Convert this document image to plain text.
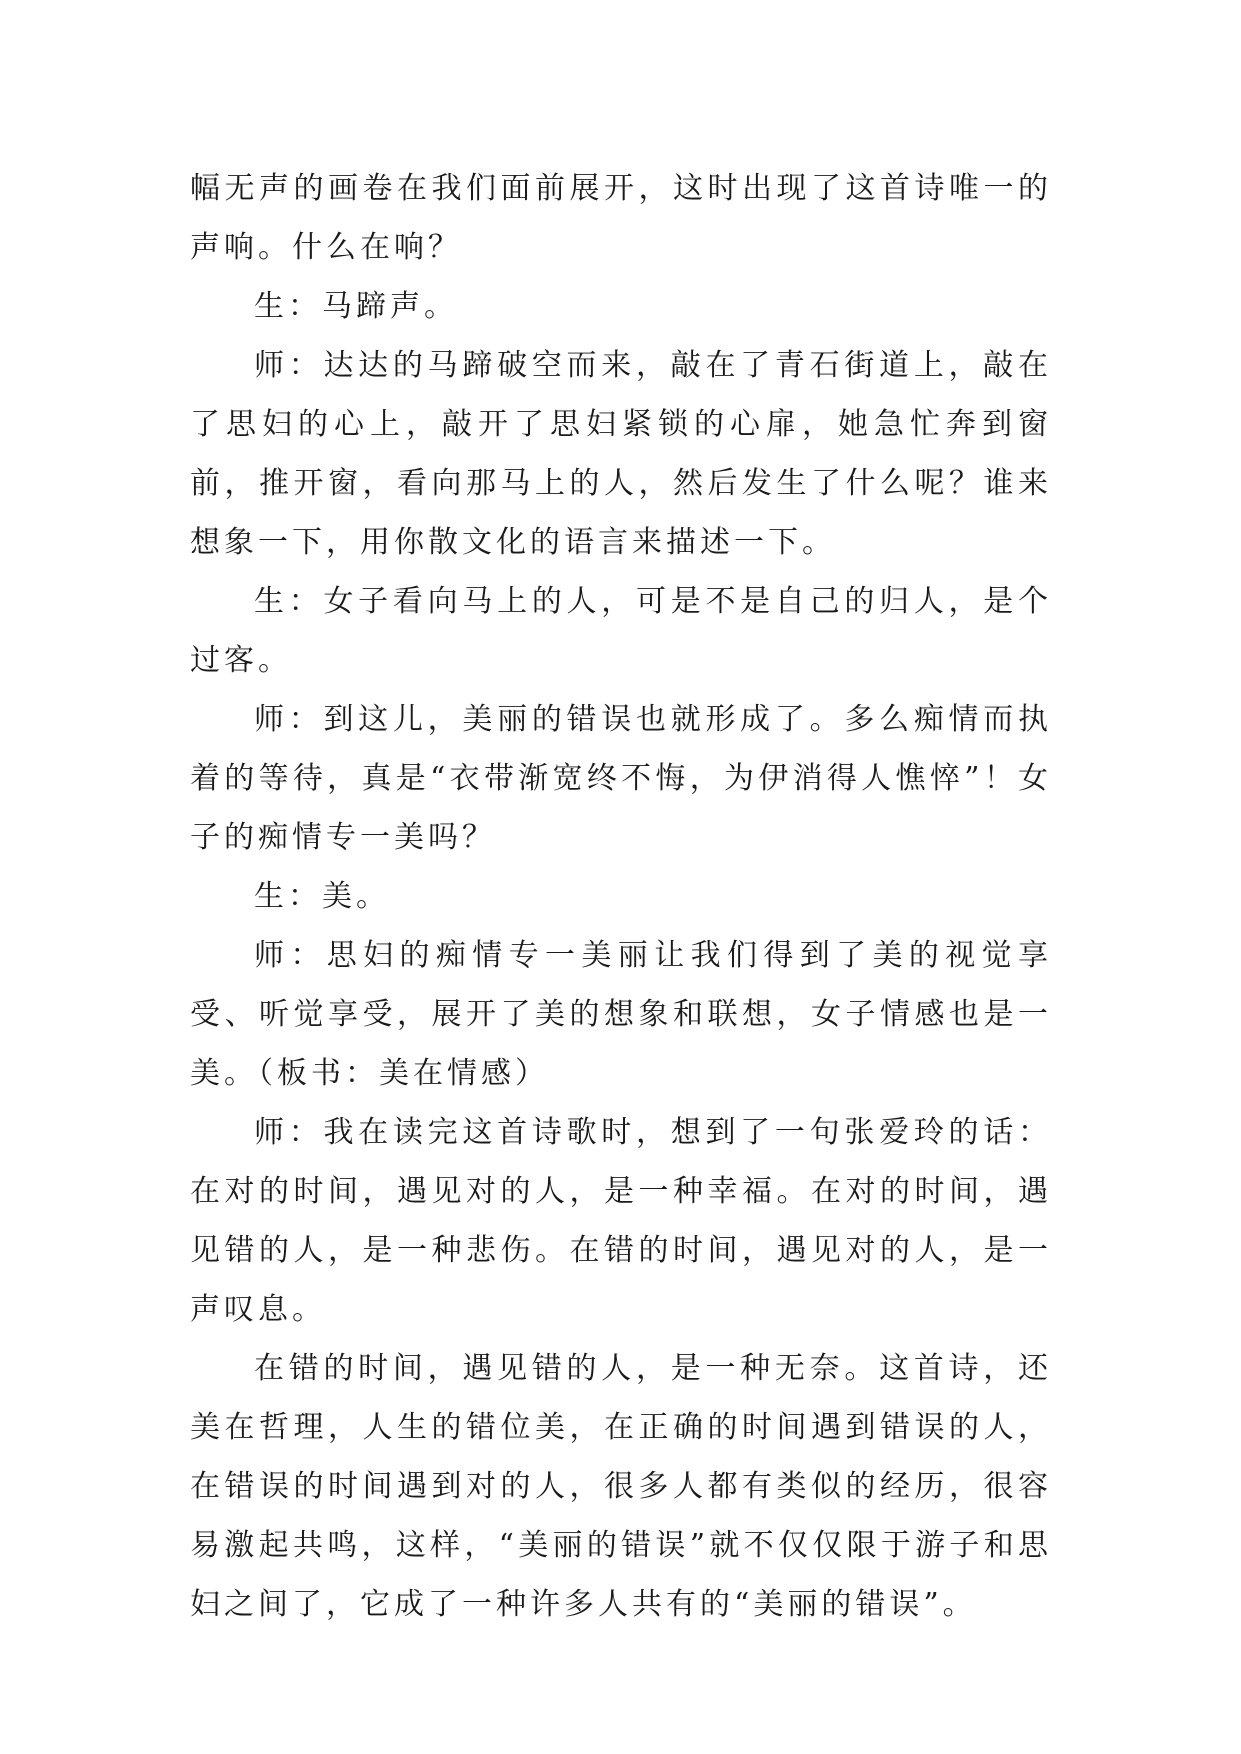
幅无声的画卷在我们面前展开，这时出现了这首诗唯一的声响。什么在响？

生：马蹄声。

师：达达的马蹄破空而来，敲在了青石街道上，敲在了思妇的心上，敲开了思妇紧锁的心扉，她急忙奔到窗前，推开窗，看向那马上的人，然后发生了什么呢？谁来想象一下，用你散文化的语言来描述一下。

生：女子看向马上的人，可是不是自己的归人，是个过客。

师：到这儿，美丽的错误也就形成了。多么痴情而执着的等待，真是“衣带渐宽终不悔，为伊消得人憔悴”！女子的痴情专一美吗？

生：美。

师：思妇的痴情专一美丽让我们得到了美的视觉享受、听觉享受，展开了美的想象和联想，女子情感也是一美。（板书：美在情感）

师：我在读完这首诗歌时，想到了一句张爱玲的话：在对的时间，遇见对的人，是一种幸福。在对的时间，遇见错的人，是一种悲伤。在错的时间，遇见对的人，是一声叹息。

在错的时间，遇见错的人，是一种无奈。这首诗，还美在哲理，人生的错位美，在正确的时间遇到错误的人，在错误的时间遇到对的人，很多人都有类似的经历，很容易激起共鸣，这样，“美丽的错误”就不仅仅限于游子和思妇之间了，它成了一种许多人共有的“美丽的错误”。
